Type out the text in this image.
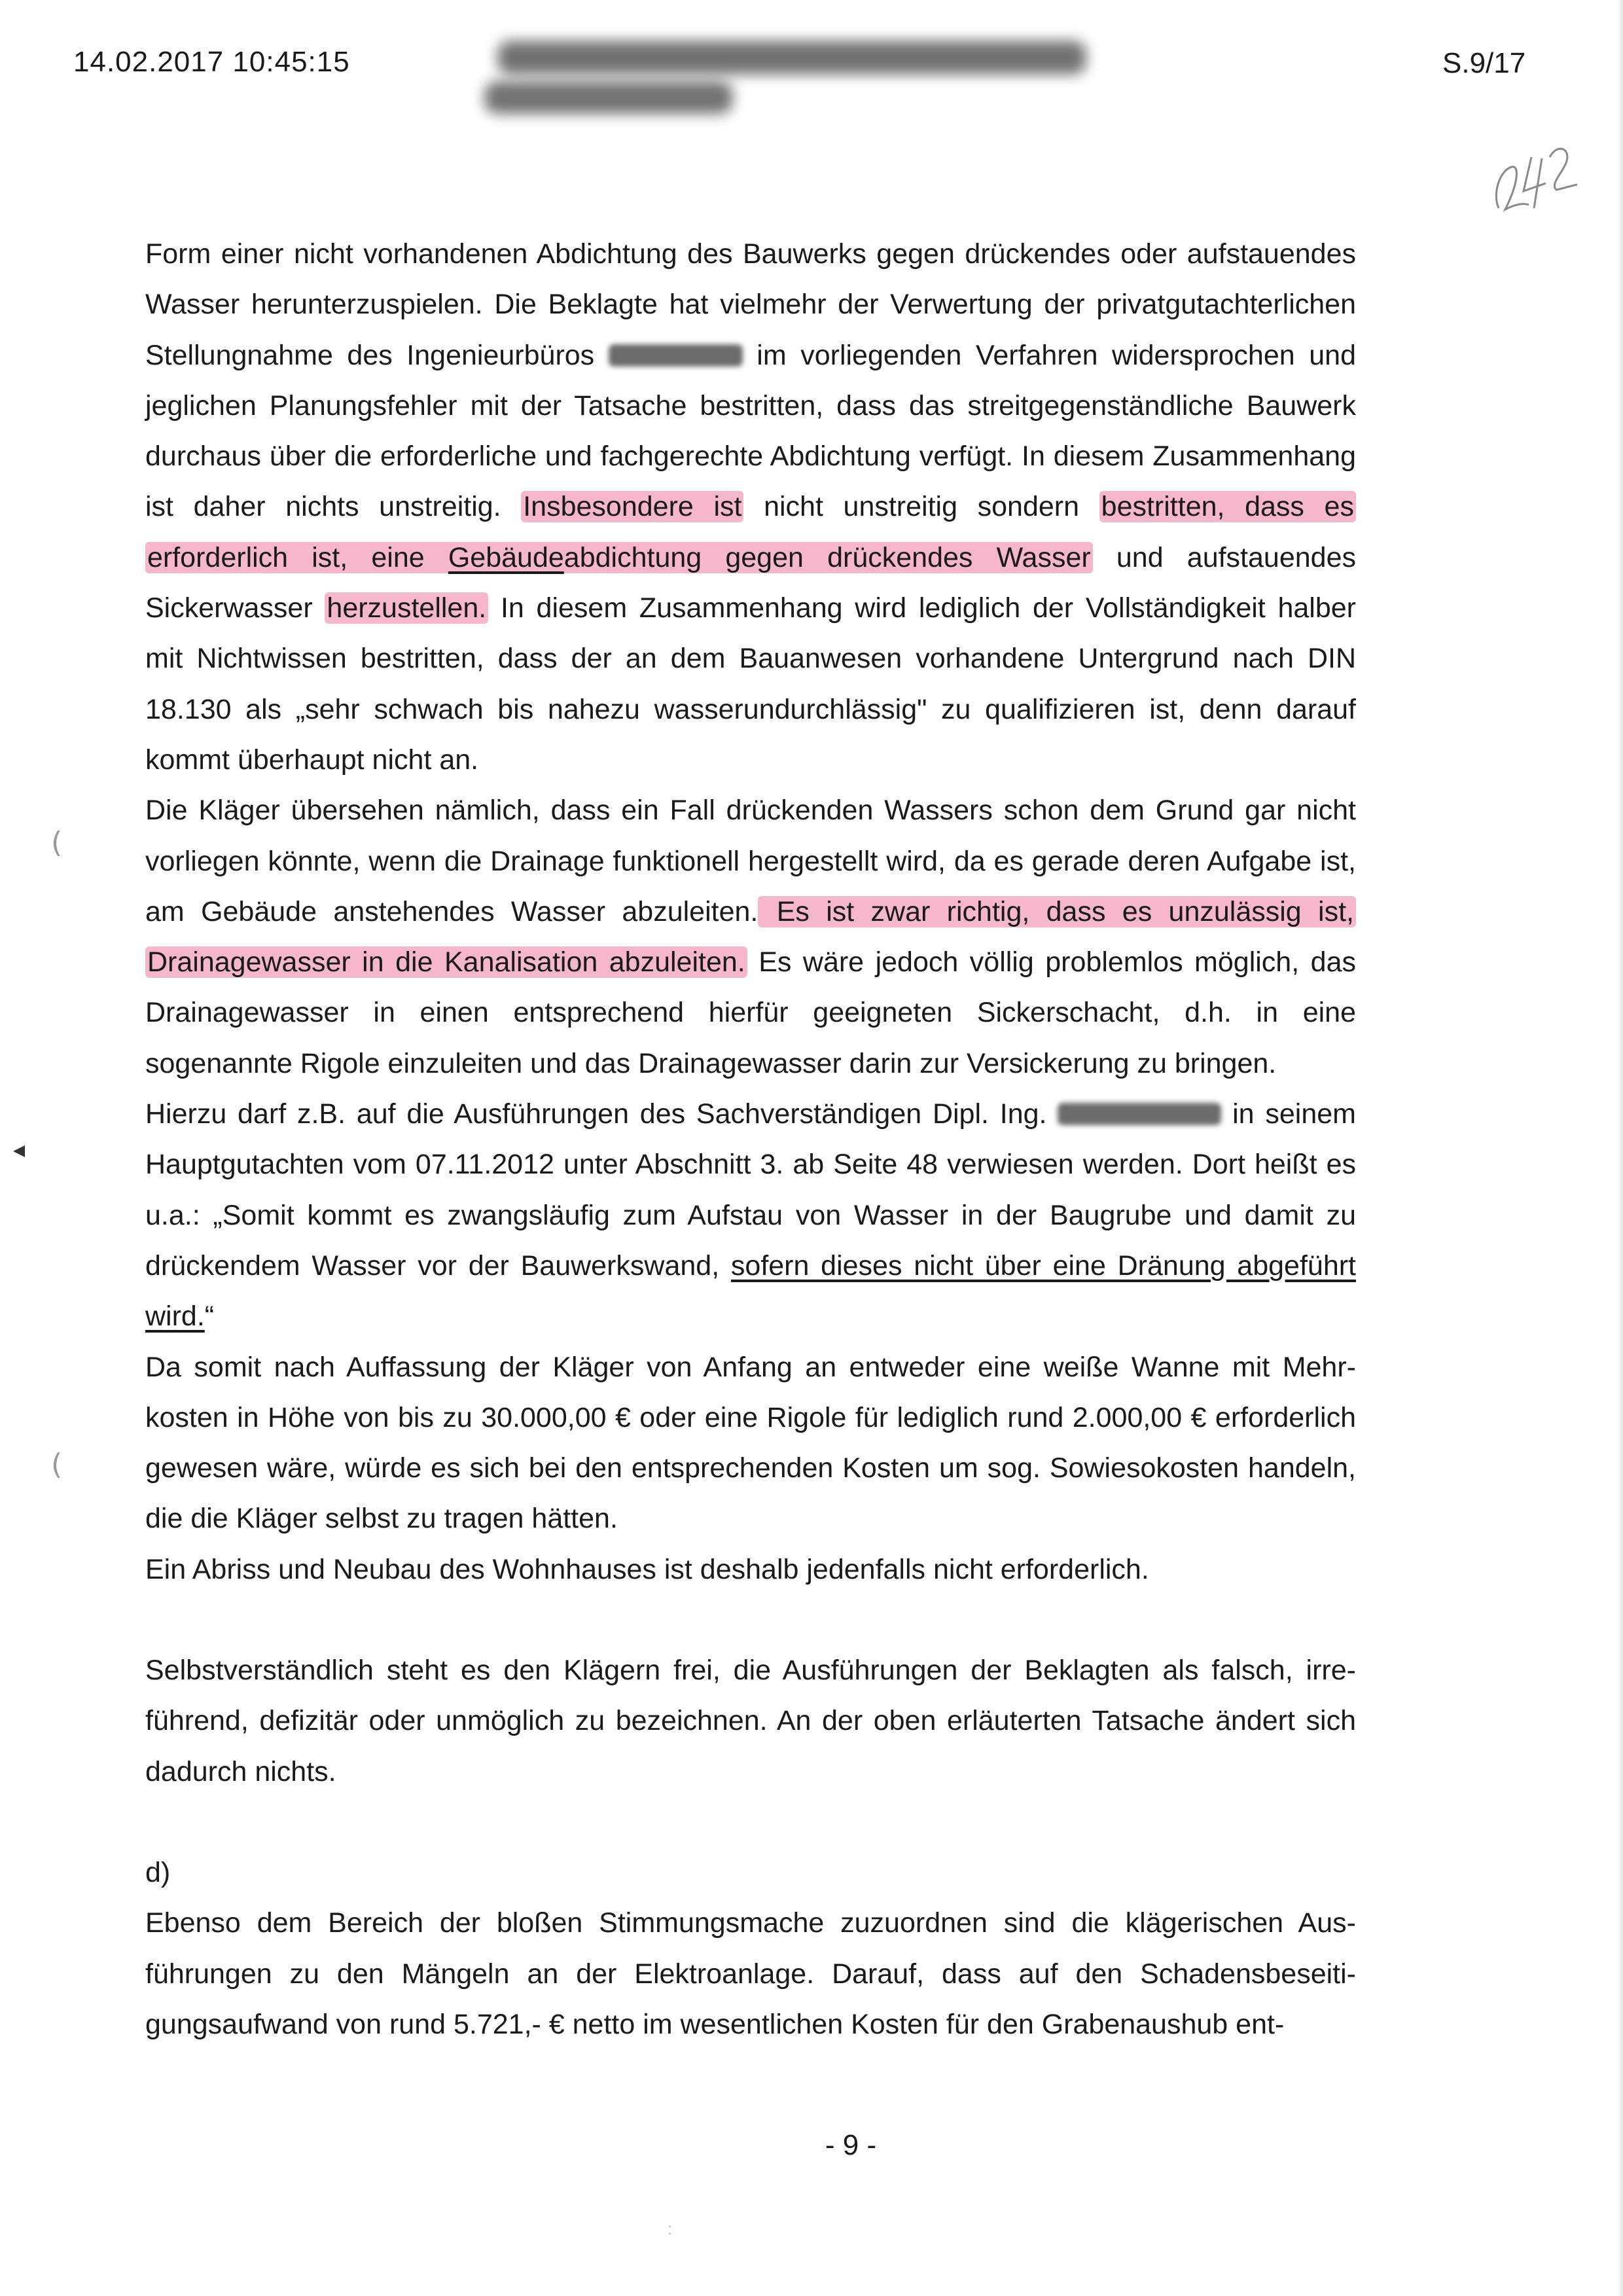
14.02.2017 10:45:15	S.9/17
(
(

Form einer nicht vorhandenen Abdichtung des Bauwerks gegen drückendes oder aufstauendes Wasser herunterzuspielen. Die Beklagte hat vielmehr der Verwertung der privatgutachterlichen Stellungnahme des Ingenieurbüros	im vorliegenden Verfahren widersprochen und jeglichen Planungsfehler mit der Tatsache bestritten, dass das streitgegenständliche Bauwerk durchaus über die erforderliche und fachgerechte Abdichtung verfügt. In diesem Zusammenhang ist daher nichts unstreitig. Insbesondere ist nicht unstreitig sondern bestritten, dass es erforderlich ist, eine Gebäudeabdichtung gegen drückendes Wasser und aufstauendes Sickerwasser herzustellen. In diesem Zusammenhang wird lediglich der Vollständigkeit halber mit Nichtwissen bestritten, dass der an dem Bauanwesen vorhandene Untergrund nach DIN 18.130 als „sehr schwach bis nahezu wasserundurchlässig" zu qualifizieren ist, denn darauf kommt überhaupt nicht an.

Die Kläger übersehen nämlich, dass ein Fall drückenden Wassers schon dem Grund gar nicht vorliegen könnte, wenn die Drainage funktionell hergestellt wird, da es gerade deren Aufgabe ist, am Gebäude anstehendes Wasser abzuleiten. Es ist zwar richtig, dass es unzulässig ist, Drainagewasser in die Kanalisation abzuleiten. Es wäre jedoch völlig problemlos möglich, das Drainagewasser in einen entsprechend hierfür geeigneten Sickerschacht, d.h. in eine sogenannte Rigole einzuleiten und das Drainagewasser darin zur Versickerung zu bringen.

Hierzu darf z.B. auf die Ausführungen des Sachverständigen Dipl. Ing.	in seinem Hauptgutachten vom 07.11.2012 unter Abschnitt 3. ab Seite 48 verwiesen werden. Dort heißt es u.a.: „Somit kommt es zwangsläufig zum Aufstau von Wasser in der Baugrube und damit zu drückendem Wasser vor der Bauwerkswand, sofern dieses nicht über eine Dränung abgeführt wird.“

Da somit nach Auffassung der Kläger von Anfang an entweder eine weiße Wanne mit Mehrkosten in Höhe von bis zu 30.000,00 € oder eine Rigole für lediglich rund 2.000,00 € erforderlich gewesen wäre, würde es sich bei den entsprechenden Kosten um sog. Sowiesokosten handeln, die die Kläger selbst zu tragen hätten.

Ein Abriss und Neubau des Wohnhauses ist deshalb jedenfalls nicht erforderlich.

Selbstverständlich steht es den Klägern frei, die Ausführungen der Beklagten als falsch, irreführend, defizitär oder unmöglich zu bezeichnen. An der oben erläuterten Tatsache ändert sich dadurch nichts.

d)

Ebenso dem Bereich der bloßen Stimmungsmache zuzuordnen sind die klägerischen Ausführungen zu den Mängeln an der Elektroanlage. Darauf, dass auf den Schadensbeseitigungsaufwand von rund 5.721,- € netto im wesentlichen Kosten für den Grabenaushub ent-

- 9 -
:
